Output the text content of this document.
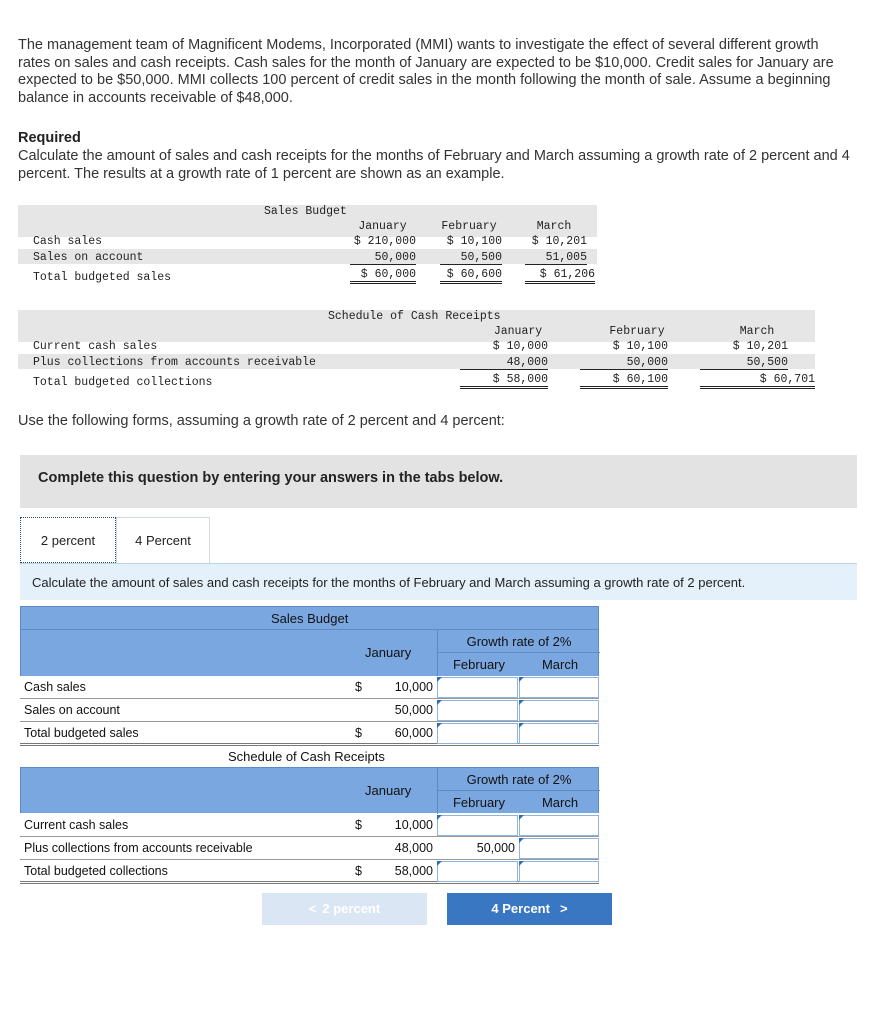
The management team of Magnificent Modems, Incorporated (MMI) wants to investigate the effect of several different growth rates on sales and cash receipts. Cash sales for the month of January are expected to be $10,000. Credit sales for January are expected to be $50,000. MMI collects 100 percent of credit sales in the month following the month of sale. Assume a beginning balance in accounts receivable of $48,000.
Required
Calculate the amount of sales and cash receipts for the months of February and March assuming a growth rate of 2 percent and 4 percent. The results at a growth rate of 1 percent are shown as an example.
Sales Budget
January	February	March
Cash sales	$ 210,000	$ 10,100	$ 10,201
Sales on account	50,000	50,500	51,005
Total budgeted sales	$ 60,000	$ 60,600	$ 61,206
Schedule of Cash Receipts
January	February	March
Current cash sales	$ 10,000	$ 10,100	$ 10,201
Plus collections from accounts receivable	48,000	50,000	50,500
Total budgeted collections	$ 58,000	$ 60,100	$ 60,701
Use the following forms, assuming a growth rate of 2 percent and 4 percent:
Complete this question by entering your answers in the tabs below.
2 percent	4 Percent
Calculate the amount of sales and cash receipts for the months of February and March assuming a growth rate of 2 percent.
Sales Budget
January
Growth rate of 2%
February	March
Cash sales	$	10,000
Sales on account	50,000
Total budgeted sales	$	60,000
Schedule of Cash Receipts
January
Growth rate of 2%
February	March
Current cash sales	$	10,000
Plus collections from accounts receivable	48,000	50,000
Total budgeted collections	$	58,000
< 2 percent	4 Percent >
